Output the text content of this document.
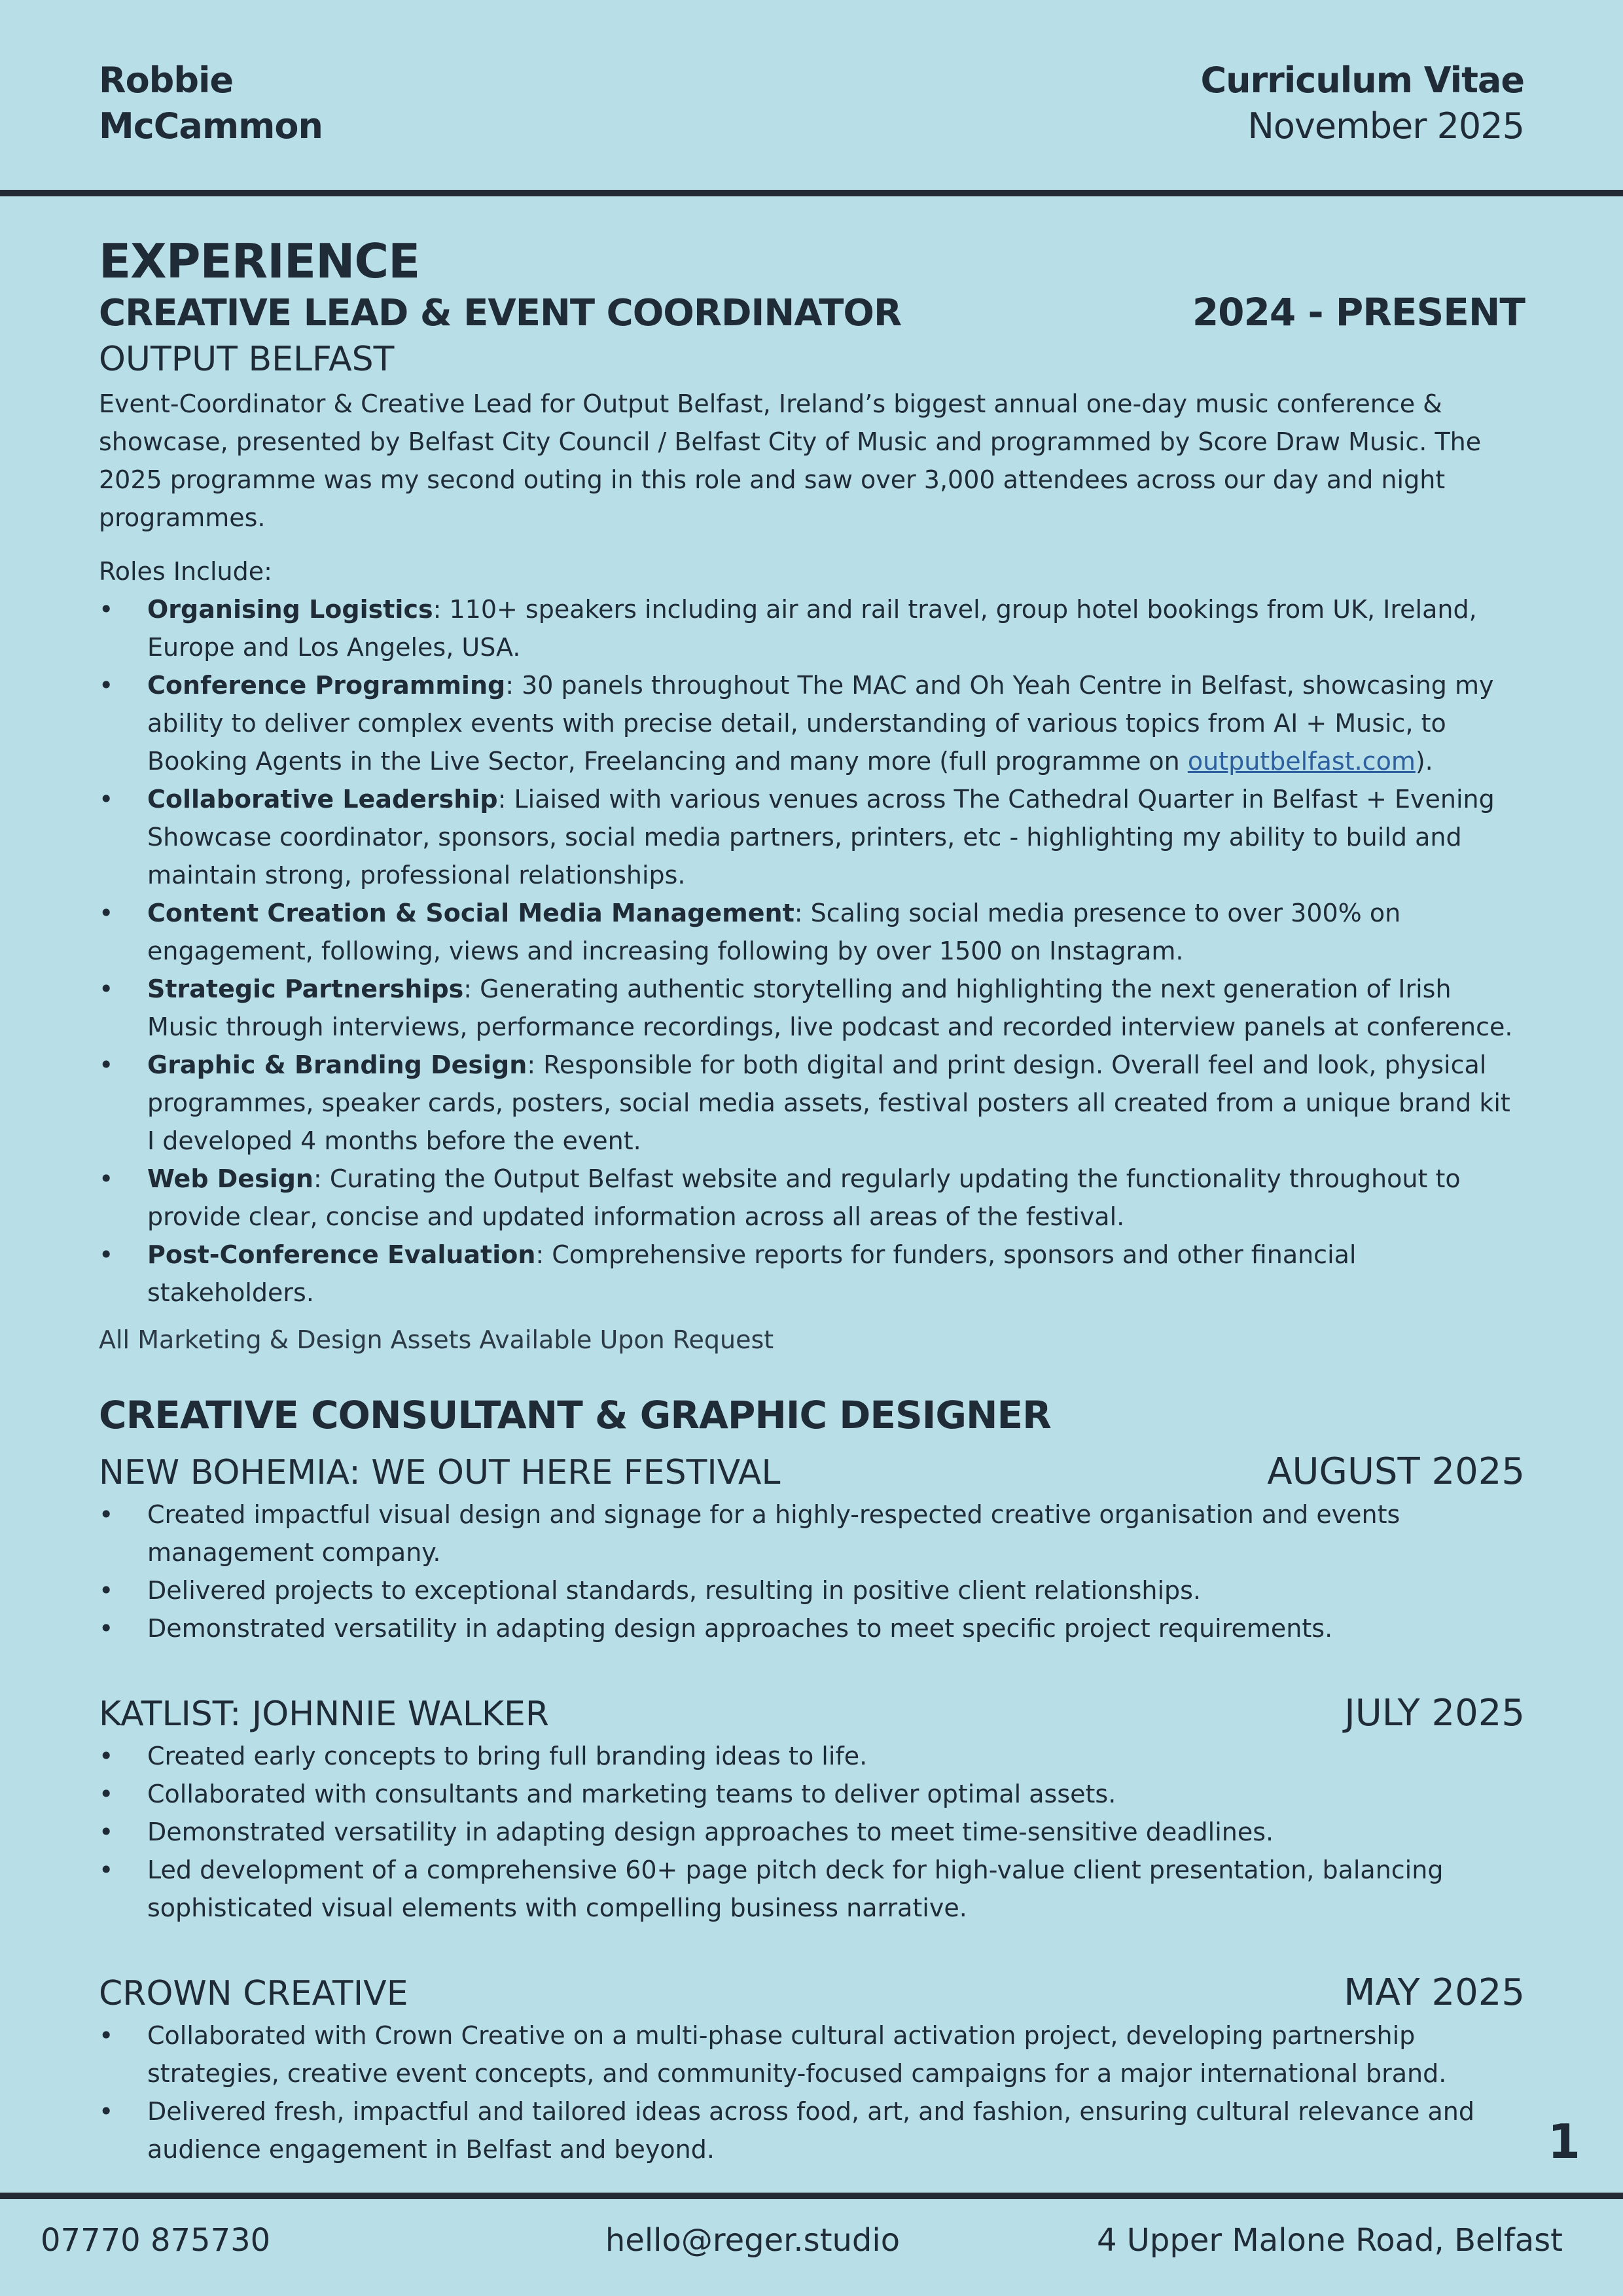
Robbie
McCammon
Curriculum Vitae
November 2025
EXPERIENCE
CREATIVE LEAD & EVENT COORDINATOR	2024 - PRESENT
OUTPUT BELFAST
Event-Coordinator & Creative Lead for Output Belfast, Ireland’s biggest annual one-day music conference & showcase, presented by Belfast City Council / Belfast City of Music and programmed by Score Draw Music. The 2025 programme was my second outing in this role and saw over 3,000 attendees across our day and night programmes.
Roles Include:
• Organising Logistics: 110+ speakers including air and rail travel, group hotel bookings from UK, Ireland, Europe and Los Angeles, USA.
• Conference Programming: 30 panels throughout The MAC and Oh Yeah Centre in Belfast, showcasing my ability to deliver complex events with precise detail, understanding of various topics from AI + Music, to Booking Agents in the Live Sector, Freelancing and many more (full programme on outputbelfast.com).
• Collaborative Leadership: Liaised with various venues across The Cathedral Quarter in Belfast + Evening Showcase coordinator, sponsors, social media partners, printers, etc - highlighting my ability to build and maintain strong, professional relationships.
• Content Creation & Social Media Management: Scaling social media presence to over 300% on engagement, following, views and increasing following by over 1500 on Instagram.
• Strategic Partnerships: Generating authentic storytelling and highlighting the next generation of Irish Music through interviews, performance recordings, live podcast and recorded interview panels at conference.
• Graphic & Branding Design: Responsible for both digital and print design. Overall feel and look, physical programmes, speaker cards, posters, social media assets, festival posters all created from a unique brand kit I developed 4 months before the event.
• Web Design: Curating the Output Belfast website and regularly updating the functionality throughout to provide clear, concise and updated information across all areas of the festival.
• Post-Conference Evaluation: Comprehensive reports for funders, sponsors and other financial stakeholders.
All Marketing & Design Assets Available Upon Request
CREATIVE CONSULTANT & GRAPHIC DESIGNER
NEW BOHEMIA: WE OUT HERE FESTIVAL	AUGUST 2025
• Created impactful visual design and signage for a highly-respected creative organisation and events management company.
• Delivered projects to exceptional standards, resulting in positive client relationships.
• Demonstrated versatility in adapting design approaches to meet specific project requirements.
KATLIST: JOHNNIE WALKER	JULY 2025
• Created early concepts to bring full branding ideas to life.
• Collaborated with consultants and marketing teams to deliver optimal assets.
• Demonstrated versatility in adapting design approaches to meet time-sensitive deadlines.
• Led development of a comprehensive 60+ page pitch deck for high-value client presentation, balancing sophisticated visual elements with compelling business narrative.
CROWN CREATIVE	MAY 2025
• Collaborated with Crown Creative on a multi-phase cultural activation project, developing partnership strategies, creative event concepts, and community-focused campaigns for a major international brand.
• Delivered fresh, impactful and tailored ideas across food, art, and fashion, ensuring cultural relevance and audience engagement in Belfast and beyond.	1
07770 875730	hello@reger.studio	4 Upper Malone Road, Belfast
